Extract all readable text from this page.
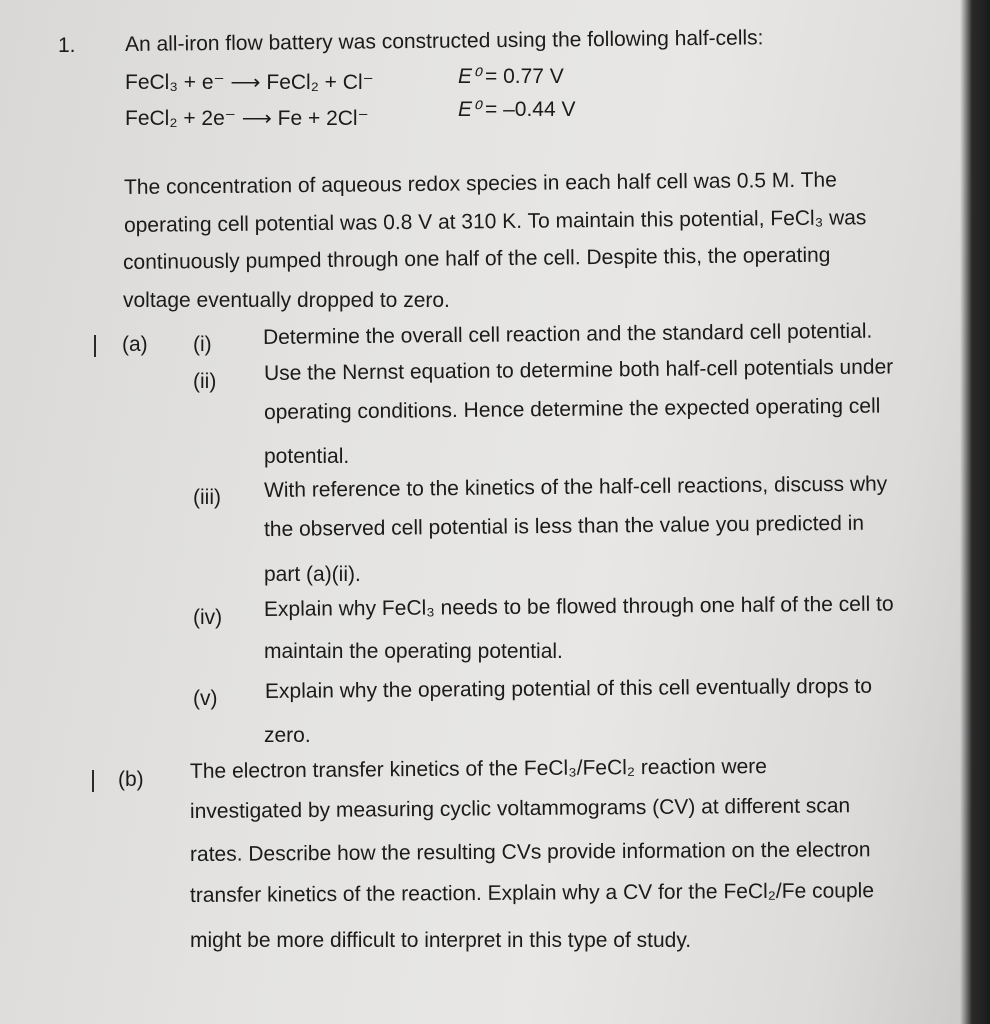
1. An all-iron flow battery was constructed using the following half-cells:
FeCl₃ + e⁻ ⟶ FeCl₂ + Cl⁻	E⁰ = 0.77 V
FeCl₂ + 2e⁻ ⟶ Fe + 2Cl⁻	E⁰ = –0.44 V
The concentration of aqueous redox species in each half cell was 0.5 M. The
operating cell potential was 0.8 V at 310 K. To maintain this potential, FeCl₃ was
continuously pumped through one half of the cell. Despite this, the operating
voltage eventually dropped to zero.
(a) (i) Determine the overall cell reaction and the standard cell potential.
(ii) Use the Nernst equation to determine both half-cell potentials under
operating conditions. Hence determine the expected operating cell
potential.
(iii) With reference to the kinetics of the half-cell reactions, discuss why
the observed cell potential is less than the value you predicted in
part (a)(ii).
(iv) Explain why FeCl₃ needs to be flowed through one half of the cell to
maintain the operating potential.
(v) Explain why the operating potential of this cell eventually drops to
zero.
(b) The electron transfer kinetics of the FeCl₃/FeCl₂ reaction were
investigated by measuring cyclic voltammograms (CV) at different scan
rates. Describe how the resulting CVs provide information on the electron
transfer kinetics of the reaction. Explain why a CV for the FeCl₂/Fe couple
might be more difficult to interpret in this type of study.
